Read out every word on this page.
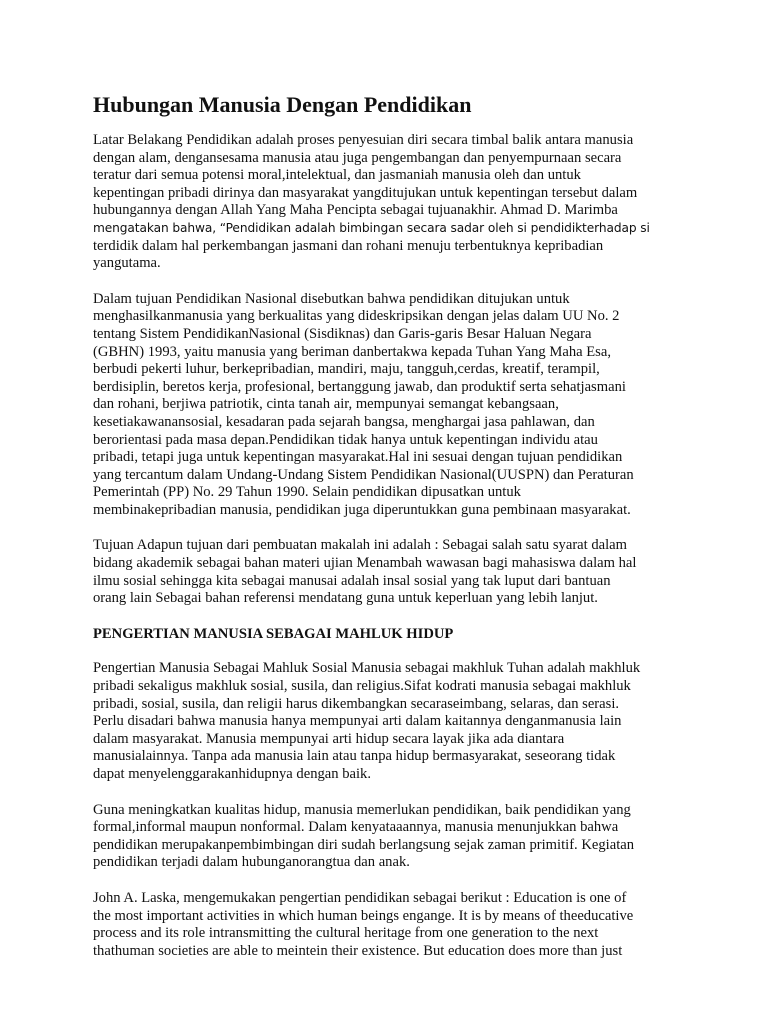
Hubungan Manusia Dengan Pendidikan

Latar Belakang Pendidikan adalah proses penyesuian diri secara timbal balik antara manusia
dengan alam, dengansesama manusia atau juga pengembangan dan penyempurnaan secara
teratur dari semua potensi moral,intelektual, dan jasmaniah manusia oleh dan untuk
kepentingan pribadi dirinya dan masyarakat yangditujukan untuk kepentingan tersebut dalam
hubungannya dengan Allah Yang Maha Pencipta sebagai tujuanakhir. Ahmad D. Marimba
mengatakan bahwa, “Pendidikan adalah bimbingan secara sadar oleh si pendidikterhadap si
terdidik dalam hal perkembangan jasmani dan rohani menuju terbentuknya kepribadian
yangutama.

Dalam tujuan Pendidikan Nasional disebutkan bahwa pendidikan ditujukan untuk
menghasilkanmanusia yang berkualitas yang dideskripsikan dengan jelas dalam UU No. 2
tentang Sistem PendidikanNasional (Sisdiknas) dan Garis-garis Besar Haluan Negara
(GBHN) 1993, yaitu manusia yang beriman danbertakwa kepada Tuhan Yang Maha Esa,
berbudi pekerti luhur, berkepribadian, mandiri, maju, tangguh,cerdas, kreatif, terampil,
berdisiplin, beretos kerja, profesional, bertanggung jawab, dan produktif serta sehatjasmani
dan rohani, berjiwa patriotik, cinta tanah air, mempunyai semangat kebangsaan,
kesetiakawanansosial, kesadaran pada sejarah bangsa, menghargai jasa pahlawan, dan
berorientasi pada masa depan.Pendidikan tidak hanya untuk kepentingan individu atau
pribadi, tetapi juga untuk kepentingan masyarakat.Hal ini sesuai dengan tujuan pendidikan
yang tercantum dalam Undang-Undang Sistem Pendidikan Nasional(UUSPN) dan Peraturan
Pemerintah (PP) No. 29 Tahun 1990. Selain pendidikan dipusatkan untuk
membinakepribadian manusia, pendidikan juga diperuntukkan guna pembinaan masyarakat.

Tujuan Adapun tujuan dari pembuatan makalah ini adalah : Sebagai salah satu syarat dalam
bidang akademik sebagai bahan materi ujian Menambah wawasan bagi mahasiswa dalam hal
ilmu sosial sehingga kita sebagai manusai adalah insal sosial yang tak luput dari bantuan
orang lain Sebagai bahan referensi mendatang guna untuk keperluan yang lebih lanjut.

PENGERTIAN MANUSIA SEBAGAI MAHLUK HIDUP

Pengertian Manusia Sebagai Mahluk Sosial Manusia sebagai makhluk Tuhan adalah makhluk
pribadi sekaligus makhluk sosial, susila, dan religius.Sifat kodrati manusia sebagai makhluk
pribadi, sosial, susila, dan religii harus dikembangkan secaraseimbang, selaras, dan serasi.
Perlu disadari bahwa manusia hanya mempunyai arti dalam kaitannya denganmanusia lain
dalam masyarakat. Manusia mempunyai arti hidup secara layak jika ada diantara
manusialainnya. Tanpa ada manusia lain atau tanpa hidup bermasyarakat, seseorang tidak
dapat menyelenggarakanhidupnya dengan baik.

Guna meningkatkan kualitas hidup, manusia memerlukan pendidikan, baik pendidikan yang
formal,informal maupun nonformal. Dalam kenyataaannya, manusia menunjukkan bahwa
pendidikan merupakanpembimbingan diri sudah berlangsung sejak zaman primitif. Kegiatan
pendidikan terjadi dalam hubunganorangtua dan anak.

John A. Laska, mengemukakan pengertian pendidikan sebagai berikut : Education is one of
the most important activities in which human beings engange. It is by means of theeducative
process and its role intransmitting the cultural heritage from one generation to the next
thathuman societies are able to meintein their existence. But education does more than just
